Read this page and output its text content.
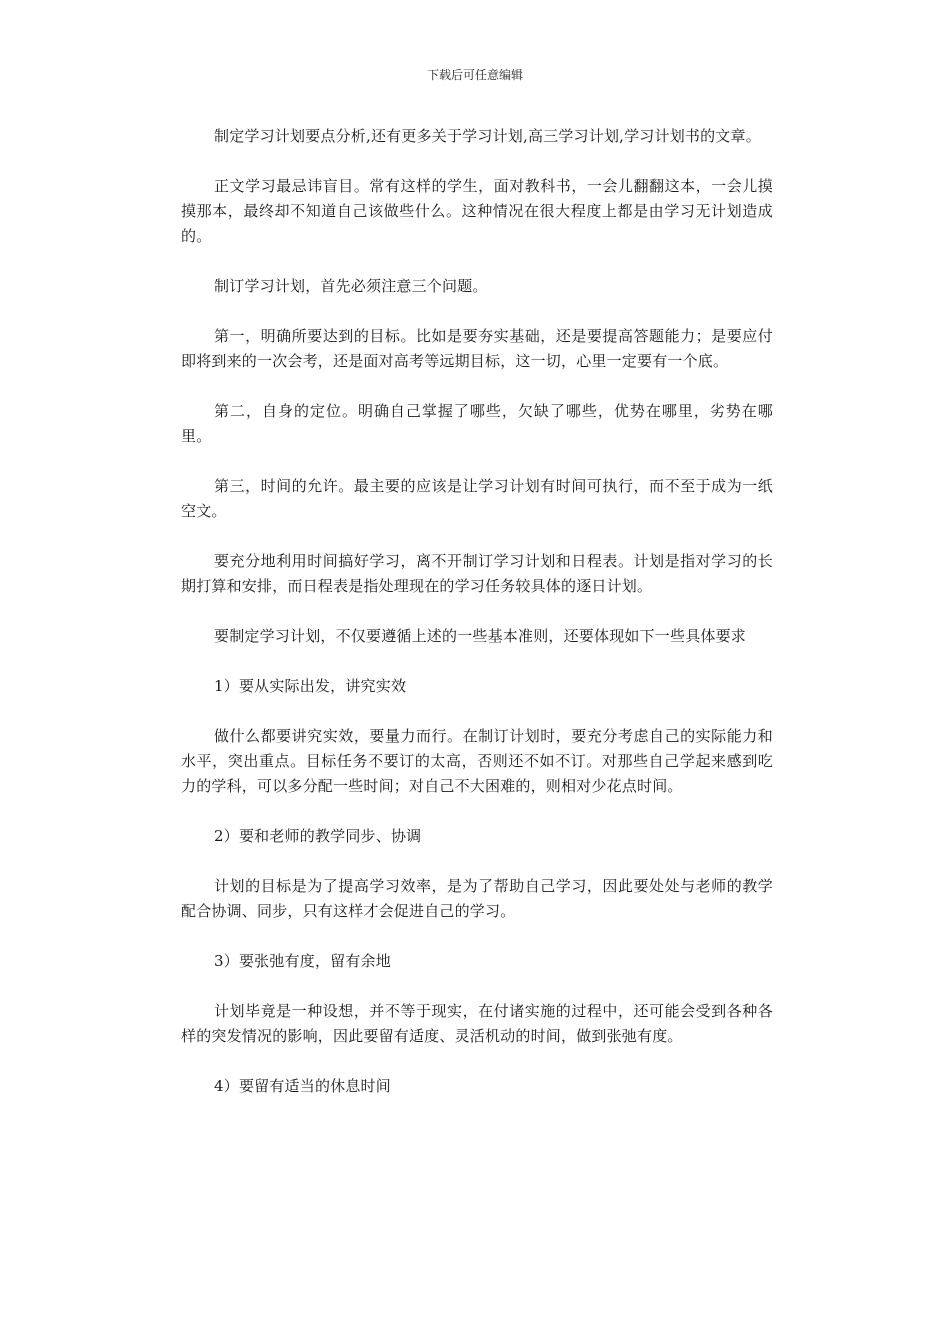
下载后可任意编辑

制定学习计划要点分析,还有更多关于学习计划,高三学习计划,学习计划书的文章。

正文学习最忌讳盲目。常有这样的学生，面对教科书，一会儿翻翻这本，一会儿摸摸那本，最终却不知道自己该做些什么。这种情况在很大程度上都是由学习无计划造成的。

制订学习计划，首先必须注意三个问题。

第一，明确所要达到的目标。比如是要夯实基础，还是要提高答题能力；是要应付即将到来的一次会考，还是面对高考等远期目标，这一切，心里一定要有一个底。

第二，自身的定位。明确自己掌握了哪些，欠缺了哪些，优势在哪里，劣势在哪里。

第三，时间的允许。最主要的应该是让学习计划有时间可执行，而不至于成为一纸空文。

要充分地利用时间搞好学习，离不开制订学习计划和日程表。计划是指对学习的长期打算和安排，而日程表是指处理现在的学习任务较具体的逐日计划。

要制定学习计划，不仅要遵循上述的一些基本准则，还要体现如下一些具体要求

1）要从实际出发，讲究实效

做什么都要讲究实效，要量力而行。在制订计划时，要充分考虑自己的实际能力和水平，突出重点。目标任务不要订的太高，否则还不如不订。对那些自己学起来感到吃力的学科，可以多分配一些时间；对自己不大困难的，则相对少花点时间。

2）要和老师的教学同步、协调

计划的目标是为了提高学习效率，是为了帮助自己学习，因此要处处与老师的教学配合协调、同步，只有这样才会促进自己的学习。

3）要张弛有度，留有余地

计划毕竟是一种设想，并不等于现实，在付诸实施的过程中，还可能会受到各种各样的突发情况的影响，因此要留有适度、灵活机动的时间，做到张弛有度。

4）要留有适当的休息时间
